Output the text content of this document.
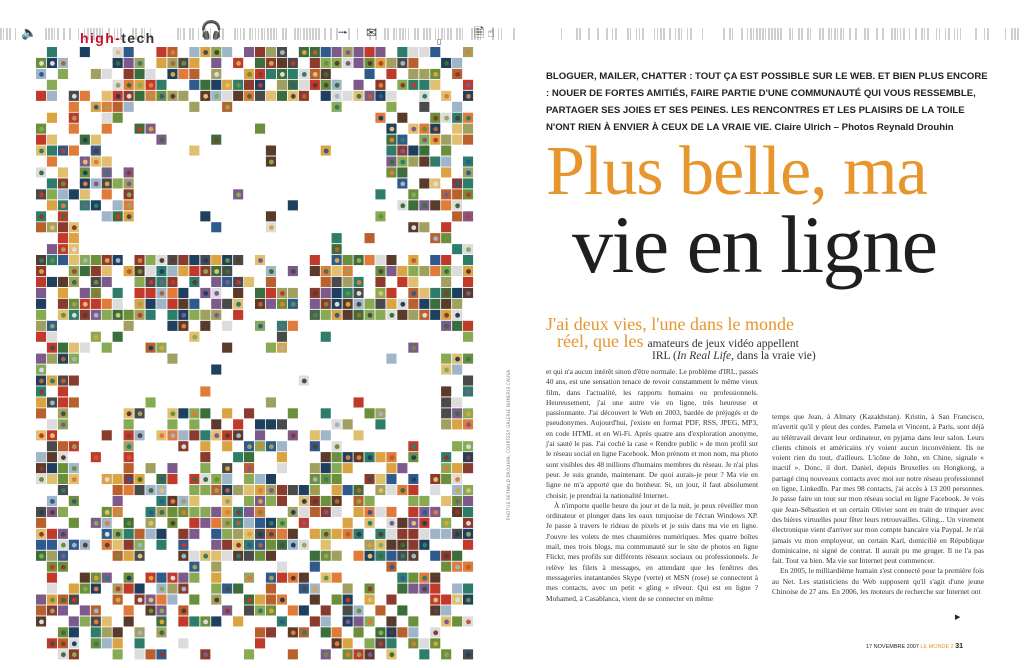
🔈	🎧	⭬ ✉
▯
🗎 ☝
high-tech
PHOTOS REYNALD DROUHIN, COURTESY GALERIE NUMERIS CAUSA
BLOGUER, MAILER, CHATTER : TOUT ÇA EST POSSIBLE SUR LE WEB. ET BIEN PLUS ENCORE : NOUER DE FORTES AMITIÉS, FAIRE PARTIE D'UNE COMMUNAUTÉ QUI VOUS RESSEMBLE, PARTAGER SES JOIES ET SES PEINES. LES RENCONTRES ET LES PLAISIRS DE LA TOILE N'ONT RIEN À ENVIER À CEUX DE LA VRAIE VIE. Claire Ulrich – Photos Reynald Drouhin
Plus belle, ma
vie en ligne
J'ai deux vies, l'une dans le monde
réel, que les amateurs de jeux vidéo appellent
IRL (In Real Life, dans la vraie vie)

et qui n'a aucun intérêt sinon d'être normale. Le problème d'IRL, passés 40 ans, est une sensation tenace de revoir constamment le même vieux film, dans l'actualité, les rapports humains ou professionnels. Heureusement, j'ai une autre vie en ligne, très heureuse et passionnante. J'ai découvert le Web en 2003, bardée de préjugés et de pseudonymes. Aujourd'hui, j'existe en format PDF, RSS, JPEG, MP3, en code HTML et en Wi-Fi. Après quatre ans d'exploration anonyme, j'ai sauté le pas. J'ai coché la case « Rendre public » de mon profil sur le réseau social en ligne Facebook. Mon prénom et mon nom, ma photo sont visibles des 48 millions d'humains membres du réseau. Je n'ai plus peur. Je suis grande, maintenant. De quoi aurais-je peur ? Ma vie en ligne ne m'a apporté que du bonheur. Si, un jour, il faut absolument choisir, je prendrai la nationalité Internet.

À n'importe quelle heure du jour et de la nuit, je peux réveiller mon ordinateur et plonger dans les eaux turquoise de l'écran Windows XP. Je passe à travers le rideau de pixels et je suis dans ma vie en ligne. J'ouvre les volets de mes chaumières numériques. Mes quatre boîtes mail, mes trois blogs, ma communauté sur le site de photos en ligne Flickr, mes profils sur différents réseaux sociaux ou professionnels. Je relève les filets à messages, en attendant que les fenêtres des messageries instantanées Skype (verte) et MSN (rose) se connectent à mes contacts, avec un petit « gling » rêveur. Qui est en ligne ? Mohamed, à Casablanca, vient de se connecter en même

temps que Jean, à Almaty (Kazakhstan). Kristin, à San Francisco, m'avertit qu'il y pleut des cordes. Pamela et Vincent, à Paris, sont déjà au télétravail devant leur ordinateur, en pyjama dans leur salon. Leurs clients chinois et américains n'y voient aucun inconvénient. Ils ne voient rien du tout, d'ailleurs. L'icône de John, en Chine, signale « inactif ». Donc, il dort. Daniel, depuis Bruxelles ou Hongkong, a partagé cinq nouveaux contacts avec moi sur notre réseau professionnel en ligne, LinkedIn. Par mes 98 contacts, j'ai accès à 13 200 personnes. Je passe faire un tour sur mon réseau social en ligne Facebook. Je vois que Jean-Sébastien et un certain Olivier sont en train de trinquer avec des bières virtuelles pour fêter leurs retrouvailles. Gling... Un virement électronique vient d'arriver sur mon compte bancaire via Paypal. Je n'ai jamais vu mon employeur, un certain Karl, domicilié en République dominicaine, ni signé de contrat. Il aurait pu me gruger. Il ne l'a pas fait. Tout va bien. Ma vie sur Internet peut commencer.

En 2005, le milliardième humain s'est connecté pour la première fois au Net. Les statisticiens du Web supposent qu'il s'agit d'une jeune Chinoise de 27 ans. En 2006, les moteurs de recherche sur Internet ont

▶
17 NOVEMBRE 2007 LE MONDE 2 31
